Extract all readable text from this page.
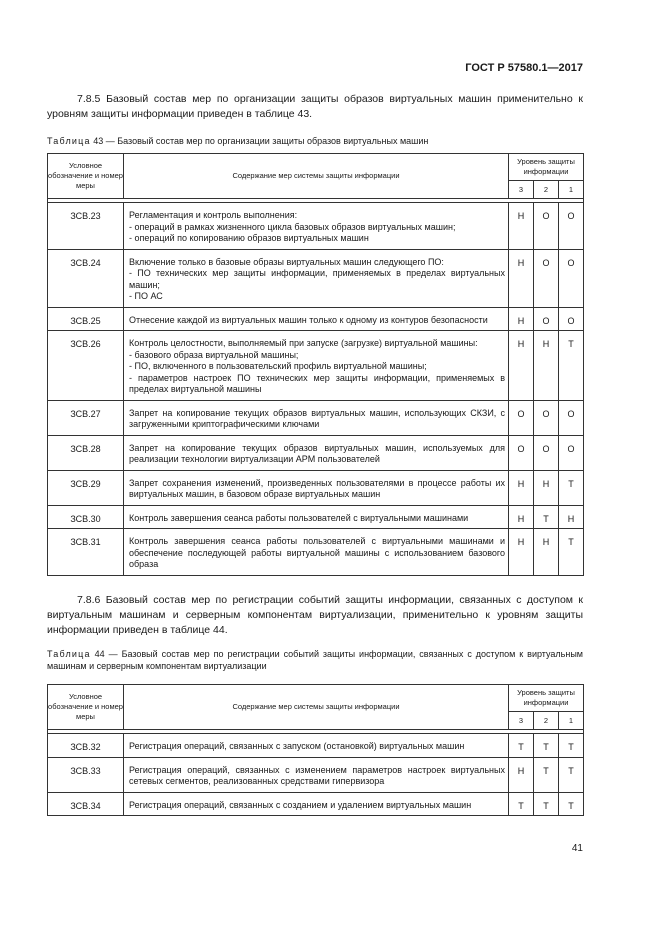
ГОСТ Р 57580.1—2017
7.8.5 Базовый состав мер по организации защиты образов виртуальных машин применительно к уровням защиты информации приведен в таблице 43.
Таблица 43 — Базовый состав мер по организации защиты образов виртуальных машин
Условное обозначение и номер меры	Содержание мер системы защиты информации	Уровень защиты информации		
		3	2	1

ЗСВ.23	Регламентация и контроль выполнения:
- операций в рамках жизненного цикла базовых образов виртуальных машин;
- операций по копированию образов виртуальных машин	Н	О	О
ЗСВ.24	Включение только в базовые образы виртуальных машин следующего ПО:
- ПО технических мер защиты информации, применяемых в пределах виртуальных машин;
- ПО АС	Н	О	О
ЗСВ.25	Отнесение каждой из виртуальных машин только к одному из контуров безопасности	Н	О	О
ЗСВ.26	Контроль целостности, выполняемый при запуске (загрузке) виртуальной машины:
- базового образа виртуальной машины;
- ПО, включенного в пользовательский профиль виртуальной машины;
- параметров настроек ПО технических мер защиты информации, применяемых в пределах виртуальной машины	Н	Н	Т
ЗСВ.27	Запрет на копирование текущих образов виртуальных машин, использующих СКЗИ, с загруженными криптографическими ключами	О	О	О
ЗСВ.28	Запрет на копирование текущих образов виртуальных машин, используемых для реализации технологии виртуализации АРМ пользователей	О	О	О
ЗСВ.29	Запрет сохранения изменений, произведенных пользователями в процессе работы их виртуальных машин, в базовом образе виртуальных машин	Н	Н	Т
ЗСВ.30	Контроль завершения сеанса работы пользователей с виртуальными машинами	Н	Т	Н
ЗСВ.31	Контроль завершения сеанса работы пользователей с виртуальными машинами и обеспечение последующей работы виртуальной машины с использованием базового образа	Н	Н	Т
7.8.6 Базовый состав мер по регистрации событий защиты информации, связанных с доступом к виртуальным машинам и серверным компонентам виртуализации, применительно к уровням защиты информации приведен в таблице 44.
Таблица 44 — Базовый состав мер по регистрации событий защиты информации, связанных с доступом к виртуальным машинам и серверным компонентам виртуализации
Условное обозначение и номер меры	Содержание мер системы защиты информации	Уровень защиты информации		
		3	2	1

ЗСВ.32	Регистрация операций, связанных с запуском (остановкой) виртуальных машин	Т	Т	Т
ЗСВ.33	Регистрация операций, связанных с изменением параметров настроек виртуальных сетевых сегментов, реализованных средствами гипервизора	Н	Т	Т
ЗСВ.34	Регистрация операций, связанных с созданием и удалением виртуальных машин	Т	Т	Т
41
